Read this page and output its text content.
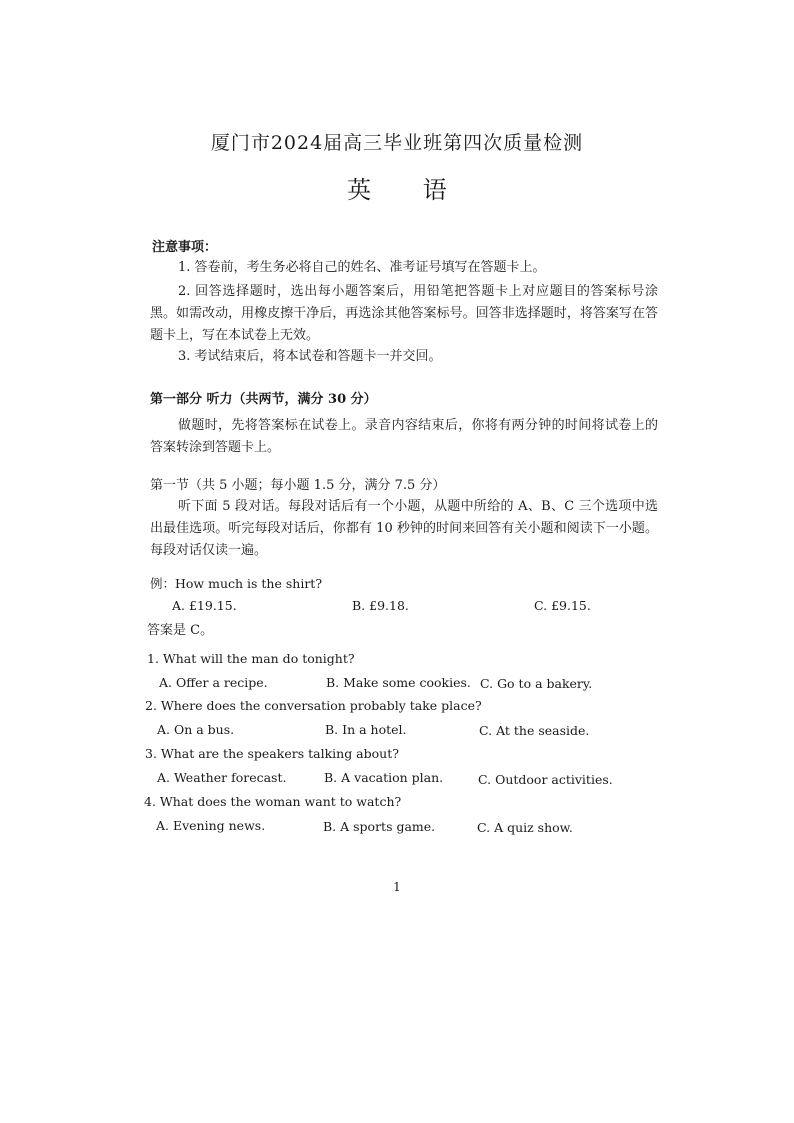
厦门市2024届高三毕业班第四次质量检测
英 语
注意事项：
1. 答卷前，考生务必将自己的姓名、准考证号填写在答题卡上。
2. 回答选择题时，选出每小题答案后，用铅笔把答题卡上对应题目的答案标号涂黑。如需改动，用橡皮擦干净后，再选涂其他答案标号。回答非选择题时，将答案写在答题卡上，写在本试卷上无效。
3. 考试结束后，将本试卷和答题卡一并交回。
第一部分 听力（共两节，满分 30 分）
做题时，先将答案标在试卷上。录音内容结束后，你将有两分钟的时间将试卷上的答案转涂到答题卡上。
第一节（共 5 小题；每小题 1.5 分，满分 7.5 分）
听下面 5 段对话。每段对话后有一个小题，从题中所给的 A、B、C 三个选项中选出最佳选项。听完每段对话后，你都有 10 秒钟的时间来回答有关小题和阅读下一小题。每段对话仅读一遍。
例：How much is the shirt?
A. £19.15.	B. £9.18.	C. £9.15.
答案是 C。
1. What will the man do tonight?
A. Offer a recipe.	B. Make some cookies. C. Go to a bakery.
2. Where does the conversation probably take place?
A. On a bus.	B. In a hotel.	C. At the seaside.
3. What are the speakers talking about?
A. Weather forecast.	B. A vacation plan.	C. Outdoor activities.
4. What does the woman want to watch?
A. Evening news.	B. A sports game.	C. A quiz show.
1
